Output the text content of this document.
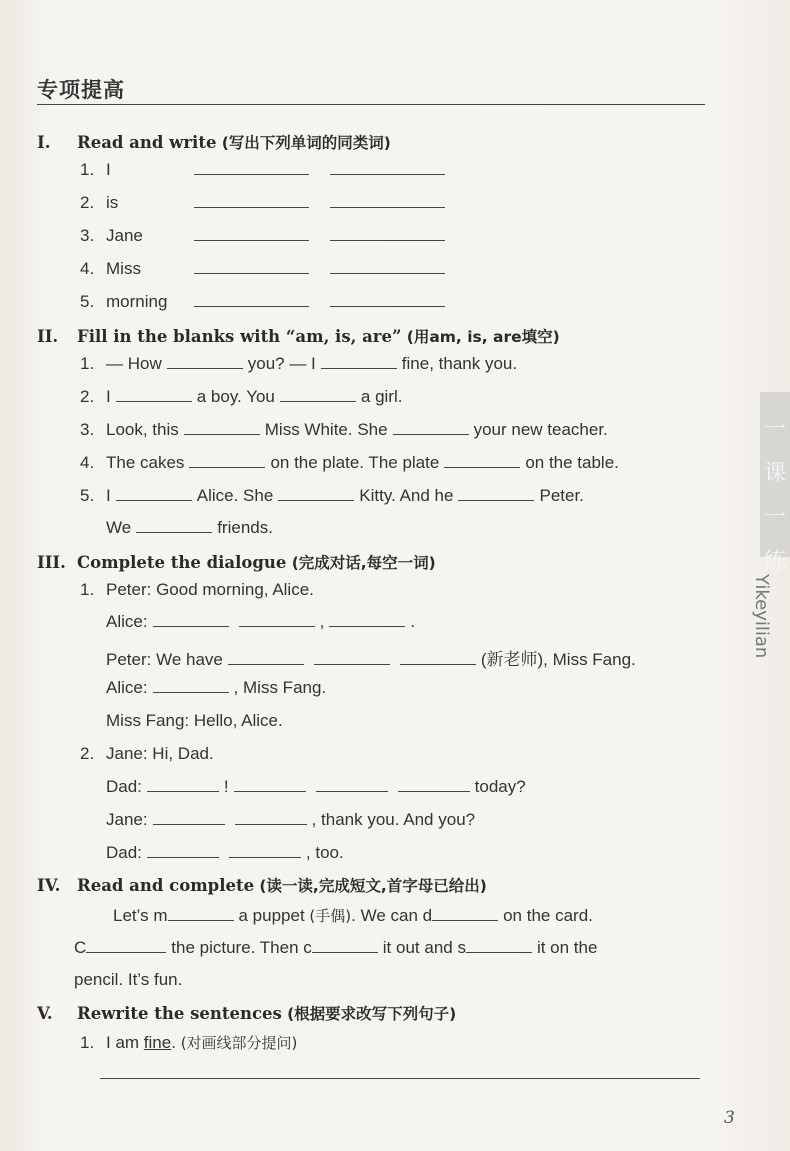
专项提高
一课一练
Yikeyilian
I. Read and write (写出下列单词的同类词)
1. I
2. is
3. Jane
4. Miss
5. morning
II. Fill in the blanks with “am, is, are” (用am, is, are填空)
1. — How	you? — I	fine, thank you.
2. I	a boy. You	a girl.
3. Look, this	Miss White. She	your new teacher.
4. The cakes	on the plate. The plate	on the table.
5. I	Alice. She	Kitty. And he	Peter.
We	friends.
III. Complete the dialogue (完成对话,每空一词)
1. Peter: Good morning, Alice.
Alice:	,	.
Peter: We have	(新老师), Miss Fang.
Alice:	, Miss Fang.
Miss Fang: Hello, Alice.
2. Jane: Hi, Dad.
Dad:	!	today?
Jane:	, thank you. And you?
Dad:	, too.
IV. Read and complete (读一读,完成短文,首字母已给出)
Let’s m	a puppet (手偶). We can d	on the card.
C	the picture. Then c	it out and s	it on the
pencil. It’s fun.
V. Rewrite the sentences (根据要求改写下列句子)
1. I am fine. (对画线部分提问)
3
